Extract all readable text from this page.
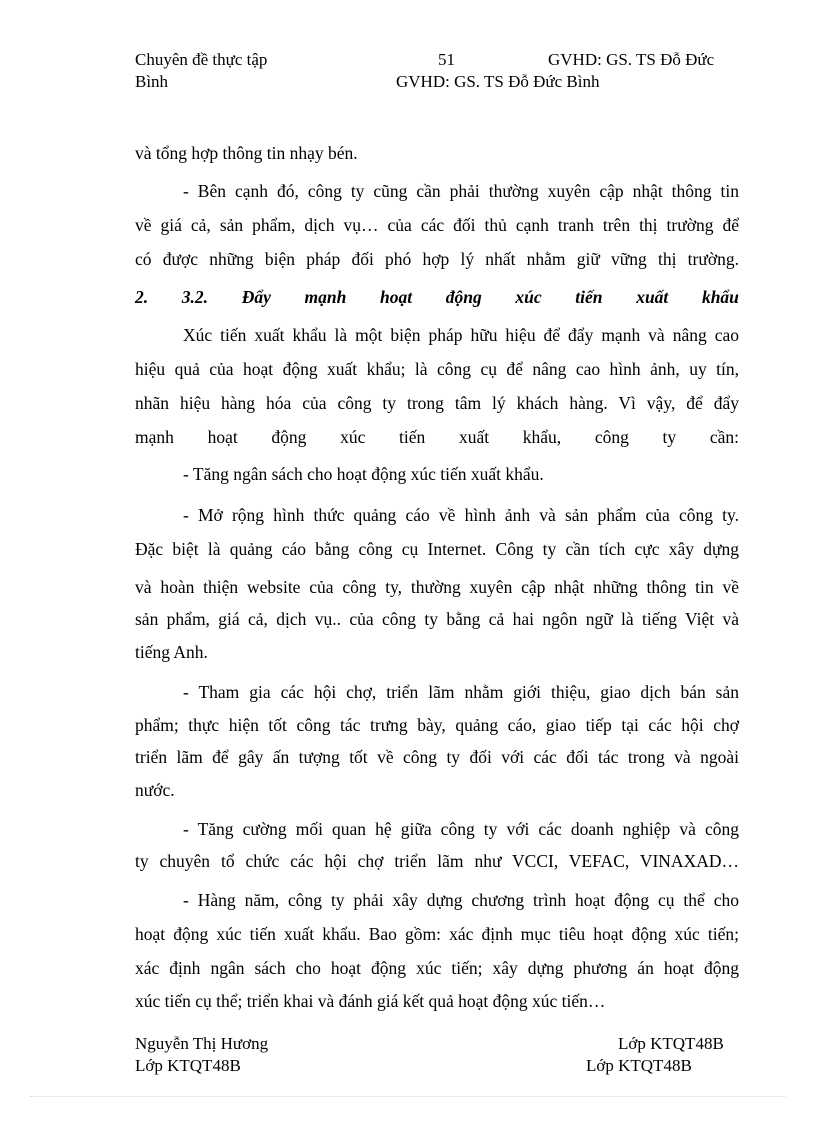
Chuyên đề thực tập	51	GVHD: GS. TS Đỗ Đức
Bình	GVHD: GS. TS Đỗ Đức Bình
và tổng hợp thông tin nhạy bén.
- Bên cạnh đó, công ty cũng cần phải thường xuyên cập nhật thông tin
về giá cả, sản phẩm, dịch vụ… của các đối thủ cạnh tranh trên thị trường để
có được những biện pháp đối phó hợp lý nhất nhằm giữ vững thị trường.
2. 3.2. Đẩy mạnh hoạt động xúc tiến xuất khẩu
Xúc tiến xuất khẩu là một biện pháp hữu hiệu để đẩy mạnh và nâng cao
hiệu quả của hoạt động xuất khẩu; là công cụ để nâng cao hình ảnh, uy tín,
nhãn hiệu hàng hóa của công ty trong tâm lý khách hàng. Vì vậy, để đẩy
mạnh hoạt động xúc tiến xuất khẩu, công ty cần:
- Tăng ngân sách cho hoạt động xúc tiến xuất khẩu.
- Mở rộng hình thức quảng cáo về hình ảnh và sản phẩm của công ty.
Đặc biệt là quảng cáo bằng công cụ Internet. Công ty cần tích cực xây dựng
và hoàn thiện website của công ty, thường xuyên cập nhật những thông tin về
sản phẩm, giá cả, dịch vụ.. của công ty bằng cả hai ngôn ngữ là tiếng Việt và
tiếng Anh.
- Tham gia các hội chợ, triển lãm nhằm giới thiệu, giao dịch bán sản
phẩm; thực hiện tốt công tác trưng bày, quảng cáo, giao tiếp tại các hội chợ
triển lãm để gây ấn tượng tốt về công ty đối với các đối tác trong và ngoài
nước.
- Tăng cường mối quan hệ giữa công ty với các doanh nghiệp và công
ty chuyên tổ chức các hội chợ triển lãm như VCCI, VEFAC, VINAXAD…
- Hàng năm, công ty phải xây dựng chương trình hoạt động cụ thể cho
hoạt động xúc tiến xuất khẩu. Bao gồm: xác định mục tiêu hoạt động xúc tiến;
xác định ngân sách cho hoạt động xúc tiến; xây dựng phương án hoạt động
xúc tiến cụ thể; triển khai và đánh giá kết quả hoạt động xúc tiến…
Nguyễn Thị Hương	Lớp KTQT48B
Lớp KTQT48B	Lớp KTQT48B
